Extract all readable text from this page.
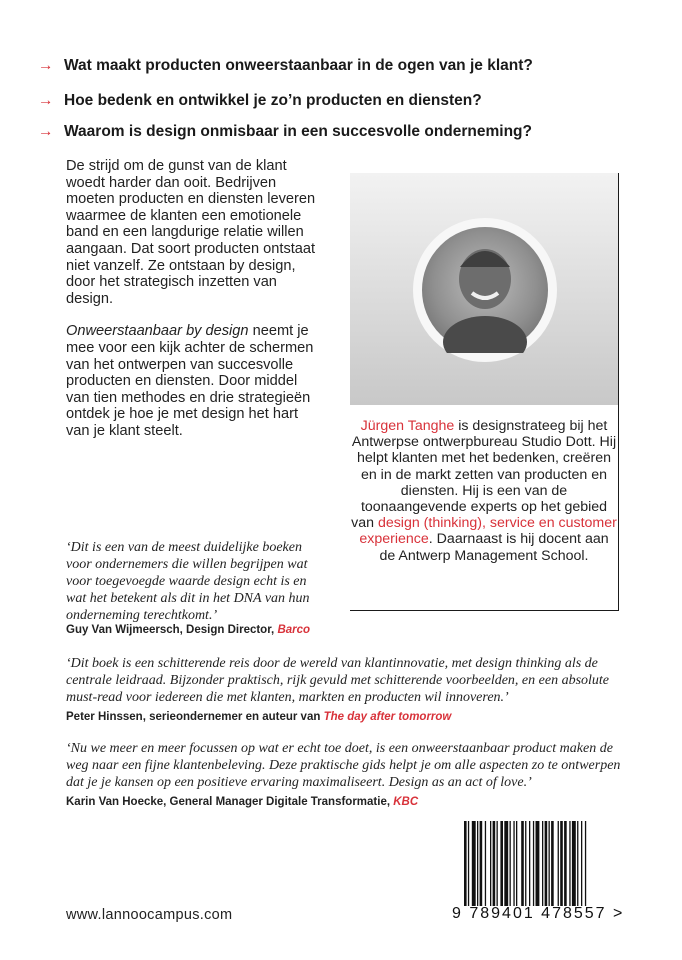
→ Wat maakt producten onweerstaanbaar in de ogen van je klant?
→ Hoe bedenk en ontwikkel je zo’n producten en diensten?
→ Waarom is design onmisbaar in een succesvolle onderneming?

De strijd om de gunst van de klant woedt harder dan ooit. Bedrijven moeten producten en diensten leveren waarmee de klanten een emotionele band en een langdurige relatie willen aangaan. Dat soort producten ontstaat niet vanzelf. Ze ontstaan by design, door het strategisch inzetten van design.

Onweerstaanbaar by design neemt je mee voor een kijk achter de schermen van het ontwerpen van succesvolle producten en diensten. Door middel van tien methodes en drie strategieën ontdek je hoe je met design het hart van je klant steelt.	Jürgen Tanghe is designstrateeg bij het Antwerpse ontwerpbureau Studio Dott. Hij helpt klanten met het bedenken, creëren en in de markt zetten van producten en diensten. Hij is een van de toonaangevende experts op het gebied van design (thinking), service en customer experience. Daarnaast is hij docent aan de Antwerp Management School.
‘Dit is een van de meest duidelijke boeken voor ondernemers die willen begrijpen wat voor toegevoegde waarde design echt is en wat het betekent als dit in het DNA van hun onderneming terechtkomt.’
Guy Van Wijmeersch, Design Director, Barco
‘Dit boek is een schitterende reis door de wereld van klantinnovatie, met design thinking als de centrale leidraad. Bijzonder praktisch, rijk gevuld met schitterende voorbeelden, en een absolute must-read voor iedereen die met klanten, markten en producten wil innoveren.’
Peter Hinssen, serieondernemer en auteur van The day after tomorrow
‘Nu we meer en meer focussen op wat er echt toe doet, is een onweerstaanbaar product maken de weg naar een fijne klantenbeleving. Deze praktische gids helpt je om alle aspecten zo te ontwerpen dat je je kansen op een positieve ervaring maximaliseert. Design as an act of love.’
Karin Van Hoecke, General Manager Digitale Transformatie, KBC
www.lannoocampus.com	9 789401 478557 >
